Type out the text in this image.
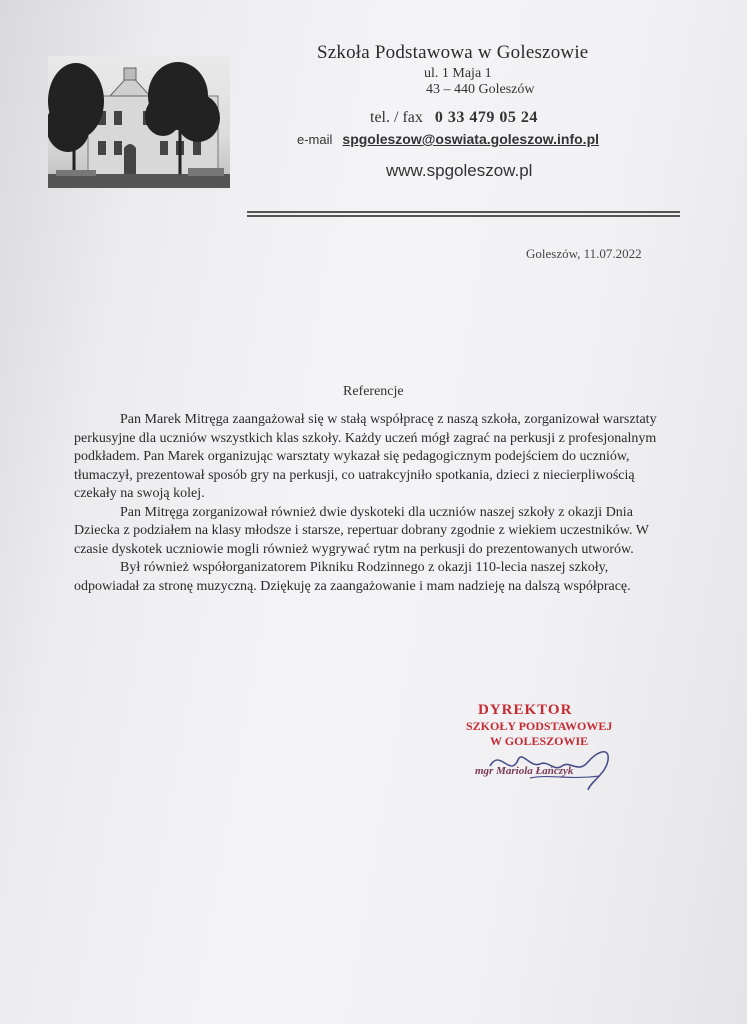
Szkoła Podstawowa w Goleszowie
ul. 1 Maja 1
43 – 440 Goleszów
tel. / fax 0 33 479 05 24
e-mail spgoleszow@oswiata.goleszow.info.pl
www.spgoleszow.pl
Goleszów, 11.07.2022
Referencje

Pan Marek Mitręga zaangażował się w stałą współpracę z naszą szkoła, zorganizował warsztaty perkusyjne dla uczniów wszystkich klas szkoły. Każdy uczeń mógł zagrać na perkusji z profesjonalnym podkładem. Pan Marek organizując warsztaty wykazał się pedagogicznym podejściem do uczniów, tłumaczył, prezentował sposób gry na perkusji, co uatrakcyjniło spotkania, dzieci z niecierpliwością czekały na swoją kolej.

Pan Mitręga zorganizował również dwie dyskoteki dla uczniów naszej szkoły z okazji Dnia Dziecka z podziałem na klasy młodsze i starsze, repertuar dobrany zgodnie z wiekiem uczestników. W czasie dyskotek uczniowie mogli również wygrywać rytm na perkusji do prezentowanych utworów.

Był również współorganizatorem Pikniku Rodzinnego z okazji 110-lecia naszej szkoły, odpowiadał za stronę muzyczną. Dziękuję za zaangażowanie i mam nadzieję na dalszą współpracę.

DYREKTOR
SZKOŁY PODSTAWOWEJ
W GOLESZOWIE
mgr Mariola Łańczyk
